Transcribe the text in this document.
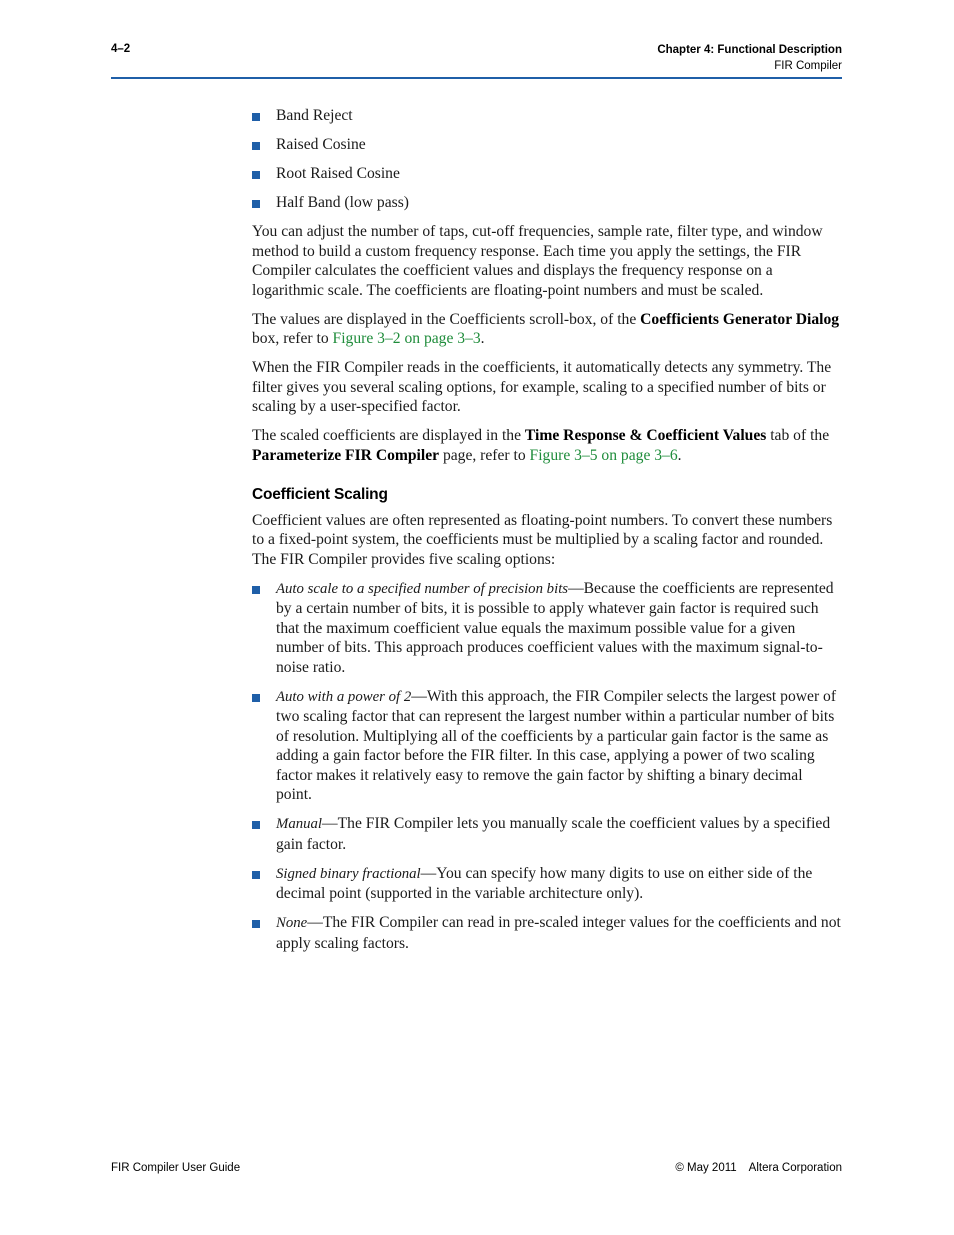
4–2	Chapter 4: Functional Description
FIR Compiler
Band Reject
Raised Cosine
Root Raised Cosine
Half Band (low pass)

You can adjust the number of taps, cut-off frequencies, sample rate, filter type, and window method to build a custom frequency response. Each time you apply the settings, the FIR Compiler calculates the coefficient values and displays the frequency response on a logarithmic scale. The coefficients are floating-point numbers and must be scaled.

The values are displayed in the Coefficients scroll-box, of the Coefficients Generator Dialog box, refer to Figure 3–2 on page 3–3.

When the FIR Compiler reads in the coefficients, it automatically detects any symmetry. The filter gives you several scaling options, for example, scaling to a specified number of bits or scaling by a user-specified factor.

The scaled coefficients are displayed in the Time Response & Coefficient Values tab of the Parameterize FIR Compiler page, refer to Figure 3–5 on page 3–6.

Coefficient Scaling

Coefficient values are often represented as floating-point numbers. To convert these numbers to a fixed-point system, the coefficients must be multiplied by a scaling factor and rounded. The FIR Compiler provides five scaling options:

Auto scale to a specified number of precision bits—Because the coefficients are represented by a certain number of bits, it is possible to apply whatever gain factor is required such that the maximum coefficient value equals the maximum possible value for a given number of bits. This approach produces coefficient values with the maximum signal-to-noise ratio.
Auto with a power of 2—With this approach, the FIR Compiler selects the largest power of two scaling factor that can represent the largest number within a particular number of bits of resolution. Multiplying all of the coefficients by a particular gain factor is the same as adding a gain factor before the FIR filter. In this case, applying a power of two scaling factor makes it relatively easy to remove the gain factor by shifting a binary decimal point.
Manual—The FIR Compiler lets you manually scale the coefficient values by a specified gain factor.
Signed binary fractional—You can specify how many digits to use on either side of the decimal point (supported in the variable architecture only).
None—The FIR Compiler can read in pre-scaled integer values for the coefficients and not apply scaling factors.
FIR Compiler User Guide	© May 2011 Altera Corporation
